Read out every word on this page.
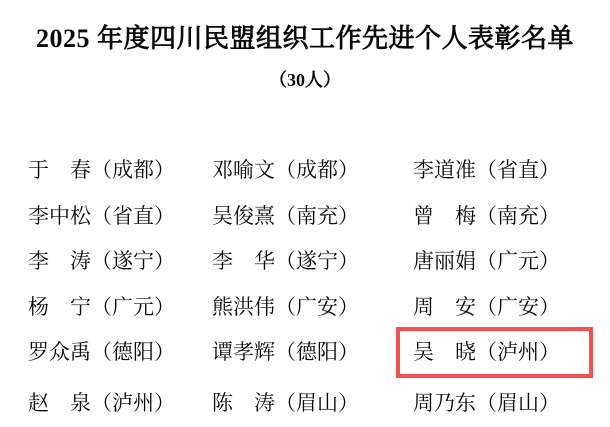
2025 年度四川民盟组织工作先进个人表彰名单
（30人）
于　春（成都）	邓喻文（成都）	李道准（省直）
李中松（省直）	吴俊熹（南充）	曾　梅（南充）
李　涛（遂宁）	李　华（遂宁）	唐丽娟（广元）
杨　宁（广元）	熊洪伟（广安）	周　安（广安）
罗众禹（德阳）	谭孝辉（德阳）	吴　晓（泸州）
赵　泉（泸州）	陈　涛（眉山）	周乃东（眉山）
